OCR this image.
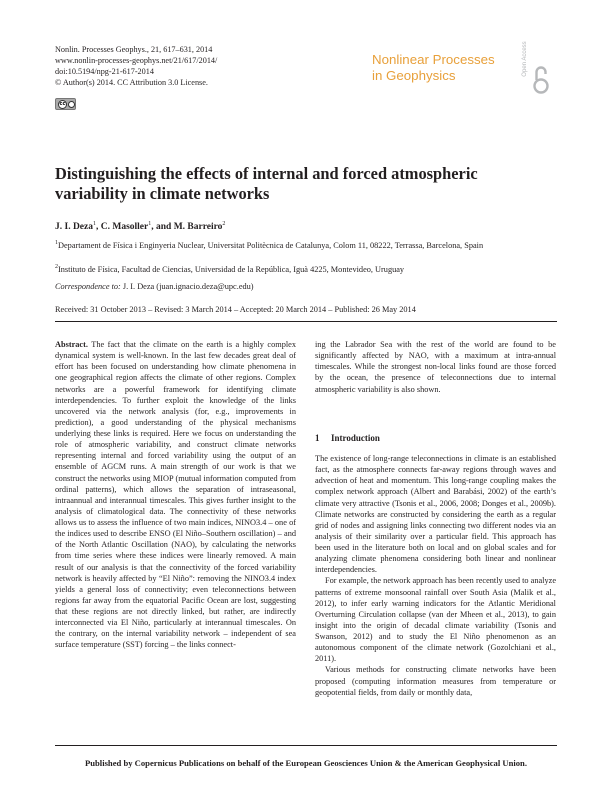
Nonlin. Processes Geophys., 21, 617–631, 2014
www.nonlin-processes-geophys.net/21/617/2014/
doi:10.5194/npg-21-617-2014
© Author(s) 2014. CC Attribution 3.0 License.
cc
Nonlinear Processes
in Geophysics	Open Access
Distinguishing the effects of internal and forced atmospheric variability in climate networks
J. I. Deza$^1$, C. Masoller$^1$, and M. Barreiro$^2$
$^1$Departament de Física i Enginyeria Nuclear, Universitat Politècnica de Catalunya, Colom 11, 08222, Terrassa, Barcelona, Spain
$^2$Instituto de Física, Facultad de Ciencias, Universidad de la República, Iguà 4225, Montevideo, Uruguay
Correspondence to: J. I. Deza (juan.ignacio.deza@upc.edu)
Received: 31 October 2013 – Revised: 3 March 2014 – Accepted: 20 March 2014 – Published: 26 May 2014

Abstract. The fact that the climate on the earth is a highly complex dynamical system is well-known. In the last few decades great deal of effort has been focused on understanding how climate phenomena in one geographical region affects the climate of other regions. Complex networks are a powerful framework for identifying climate interdependencies. To further exploit the knowledge of the links uncovered via the network analysis (for, e.g., improvements in prediction), a good understanding of the physical mechanisms underlying these links is required. Here we focus on understanding the role of atmospheric variability, and construct climate networks representing internal and forced variability using the output of an ensemble of AGCM runs. A main strength of our work is that we construct the networks using MIOP (mutual information computed from ordinal patterns), which allows the separation of intraseasonal, intraannual and interannual timescales. This gives further insight to the analysis of climatological data. The connectivity of these networks allows us to assess the influence of two main indices, NINO3.4 – one of the indices used to describe ENSO (El Niño–Southern oscillation) – and of the North Atlantic Oscillation (NAO), by calculating the networks from time series where these indices were linearly removed. A main result of our analysis is that the connectivity of the forced variability network is heavily affected by “El Niño”: removing the NINO3.4 index yields a general loss of connectivity; even teleconnections between regions far away from the equatorial Pacific Ocean are lost, suggesting that these regions are not directly linked, but rather, are indirectly interconnected via El Niño, particularly at interannual timescales. On the contrary, on the internal variability network – independent of sea surface temperature (SST) forcing – the links connect-

ing the Labrador Sea with the rest of the world are found to be significantly affected by NAO, with a maximum at intra-annual timescales. While the strongest non-local links found are those forced by the ocean, the presence of teleconnections due to internal atmospheric variability is also shown.

1 Introduction

The existence of long-range teleconnections in climate is an established fact, as the atmosphere connects far-away regions through waves and advection of heat and momentum. This long-range coupling makes the complex network approach (Albert and Barabási, 2002) of the earth’s climate very attractive (Tsonis et al., 2006, 2008; Donges et al., 2009b). Climate networks are constructed by considering the earth as a regular grid of nodes and assigning links connecting two different nodes via an analysis of their similarity over a particular field. This approach has been used in the literature both on local and on global scales and for analyzing climate phenomena considering both linear and nonlinear interdependencies.

For example, the network approach has been recently used to analyze patterns of extreme monsoonal rainfall over South Asia (Malik et al., 2012), to infer early warning indicators for the Atlantic Meridional Overturning Circulation collapse (van der Mheen et al., 2013), to gain insight into the origin of decadal climate variability (Tsonis and Swanson, 2012) and to study the El Niño phenomenon as an autonomous component of the climate network (Gozolchiani et al., 2011).

Various methods for constructing climate networks have been proposed (computing information measures from temperature or geopotential fields, from daily or monthly data,

Published by Copernicus Publications on behalf of the European Geosciences Union & the American Geophysical Union.
